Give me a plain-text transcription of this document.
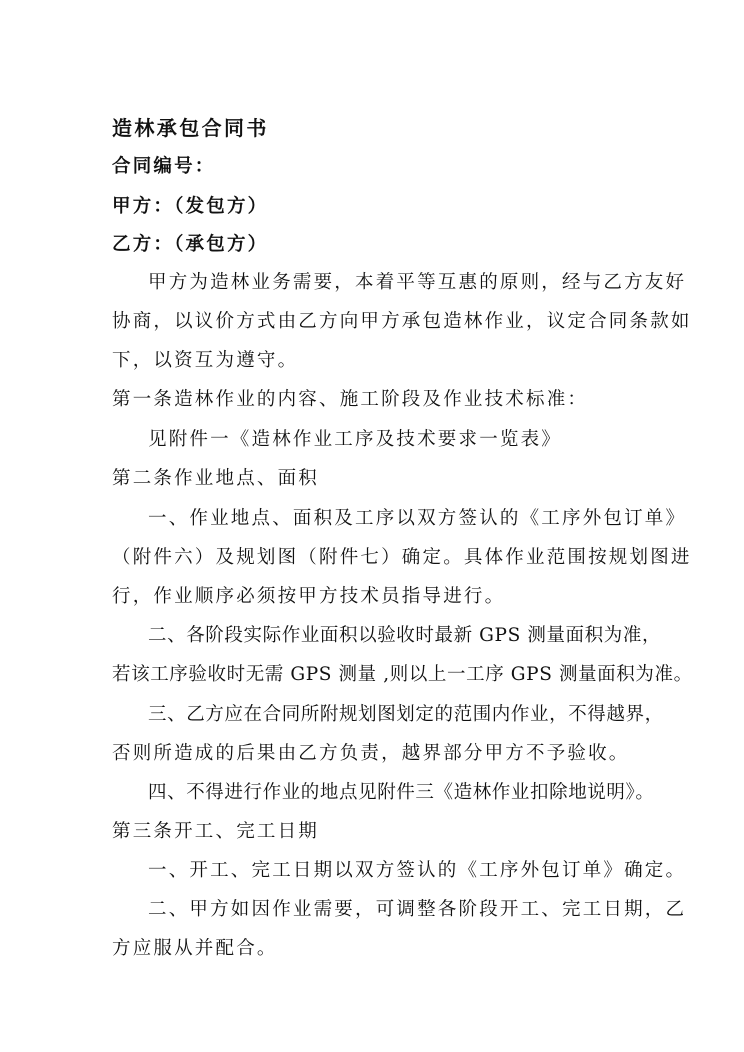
造林承包合同书
合同编号：
甲方：（发包方）
乙方：（承包方）
甲方为造林业务需要，本着平等互惠的原则，经与乙方友好
协商，以议价方式由乙方向甲方承包造林作业，议定合同条款如
下，以资互为遵守。
第一条造林作业的内容、施工阶段及作业技术标准：
见附件一《造林作业工序及技术要求一览表》
第二条作业地点、面积
一、作业地点、面积及工序以双方签认的《工序外包订单》
（附件六）及规划图（附件七）确定。具体作业范围按规划图进
行，作业顺序必须按甲方技术员指导进行。
二、各阶段实际作业面积以验收时最新 GPS 测量面积为准，
若该工序验收时无需 GPS 测量 ,则以上一工序 GPS 测量面积为准。
三、乙方应在合同所附规划图划定的范围内作业，不得越界，
否则所造成的后果由乙方负责，越界部分甲方不予验收。
四、不得进行作业的地点见附件三《造林作业扣除地说明》。
第三条开工、完工日期
一、开工、完工日期以双方签认的《工序外包订单》确定。
二、甲方如因作业需要，可调整各阶段开工、完工日期，乙
方应服从并配合。
